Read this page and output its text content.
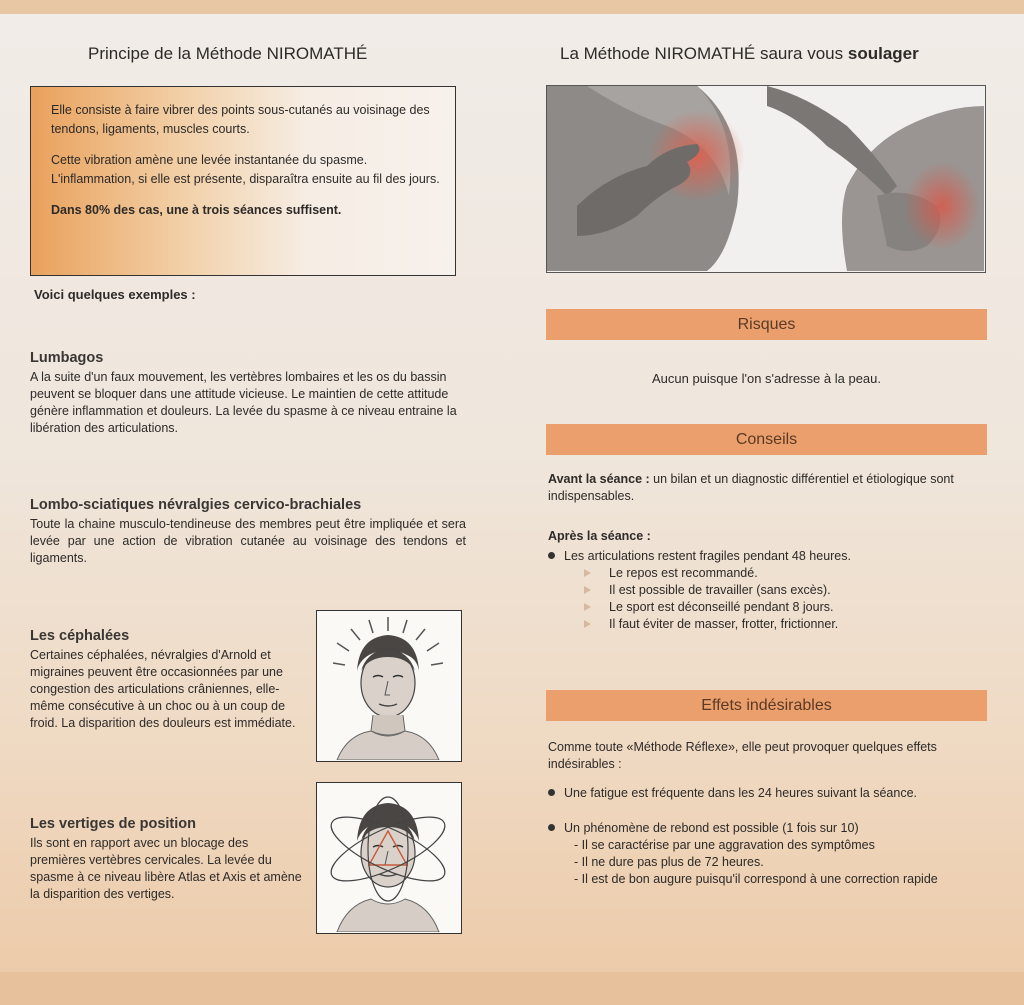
Principe de la Méthode NIROMATHÉ

Elle consiste à faire vibrer des points sous-cutanés au voisinage des tendons, ligaments, muscles courts.

Cette vibration amène une levée instantanée du spasme. L'inflammation, si elle est présente, disparaîtra ensuite au fil des jours.

Dans 80% des cas, une à trois séances suffisent.

Voici quelques exemples :
Lumbagos

A la suite d'un faux mouvement, les vertèbres lombaires et les os du bassin peuvent se bloquer dans une attitude vicieuse. Le maintien de cette attitude génère inflammation et douleurs. La levée du spasme à ce niveau entraine la libération des articulations.

Lombo-sciatiques névralgies cervico-brachiales

Toute la chaine musculo-tendineuse des membres peut être impliquée et sera levée par une action de vibration cutanée au voisinage des tendons et ligaments.

Les céphalées

Certaines céphalées, névralgies d'Arnold et migraines peuvent être occasionnées par une congestion des articulations crâniennes, elle-même consécutive à un choc ou à un coup de froid. La disparition des douleurs est immédiate.

Les vertiges de position

Ils sont en rapport avec un blocage des premières vertèbres cervicales. La levée du spasme à ce niveau libère Atlas et Axis et amène la disparition des vertiges.

La Méthode NIROMATHÉ saura vous soulager
Risques
Aucun puisque l'on s'adresse à la peau.
Conseils
Avant la séance : un bilan et un diagnostic différentiel et étiologique sont indispensables.
Après la séance :
Les articulations restent fragiles pendant 48 heures.
Le repos est recommandé.
Il est possible de travailler (sans excès).
Le sport est déconseillé pendant 8 jours.
Il faut éviter de masser, frotter, frictionner.
Effets indésirables
Comme toute «Méthode Réflexe», elle peut provoquer quelques effets indésirables :
Une fatigue est fréquente dans les 24 heures suivant la séance.
Un phénomène de rebond est possible (1 fois sur 10)
- Il se caractérise par une aggravation des symptômes
- Il ne dure pas plus de 72 heures.
- Il est de bon augure puisqu'il correspond à une correction rapide
